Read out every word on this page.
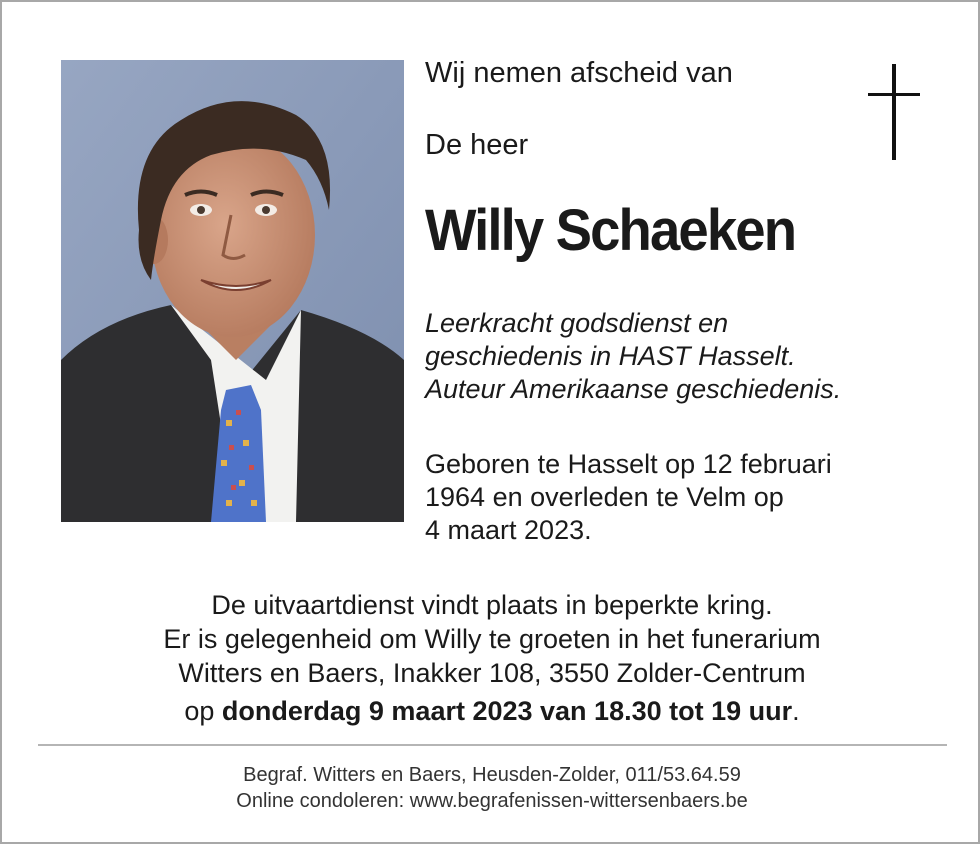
Wij nemen afscheid van
De heer
Willy Schaeken
Leerkracht godsdienst en
geschiedenis in HAST Hasselt.
Auteur Amerikaanse geschiedenis.
Geboren te Hasselt op 12 februari
1964 en overleden te Velm op
4 maart 2023.
De uitvaartdienst vindt plaats in beperkte kring.
Er is gelegenheid om Willy te groeten in het funerarium
Witters en Baers, Inakker 108, 3550 Zolder-Centrum
op donderdag 9 maart 2023 van 18.30 tot 19 uur.
Begraf. Witters en Baers, Heusden-Zolder, 011/53.64.59
Online condoleren: www.begrafenissen-wittersenbaers.be
